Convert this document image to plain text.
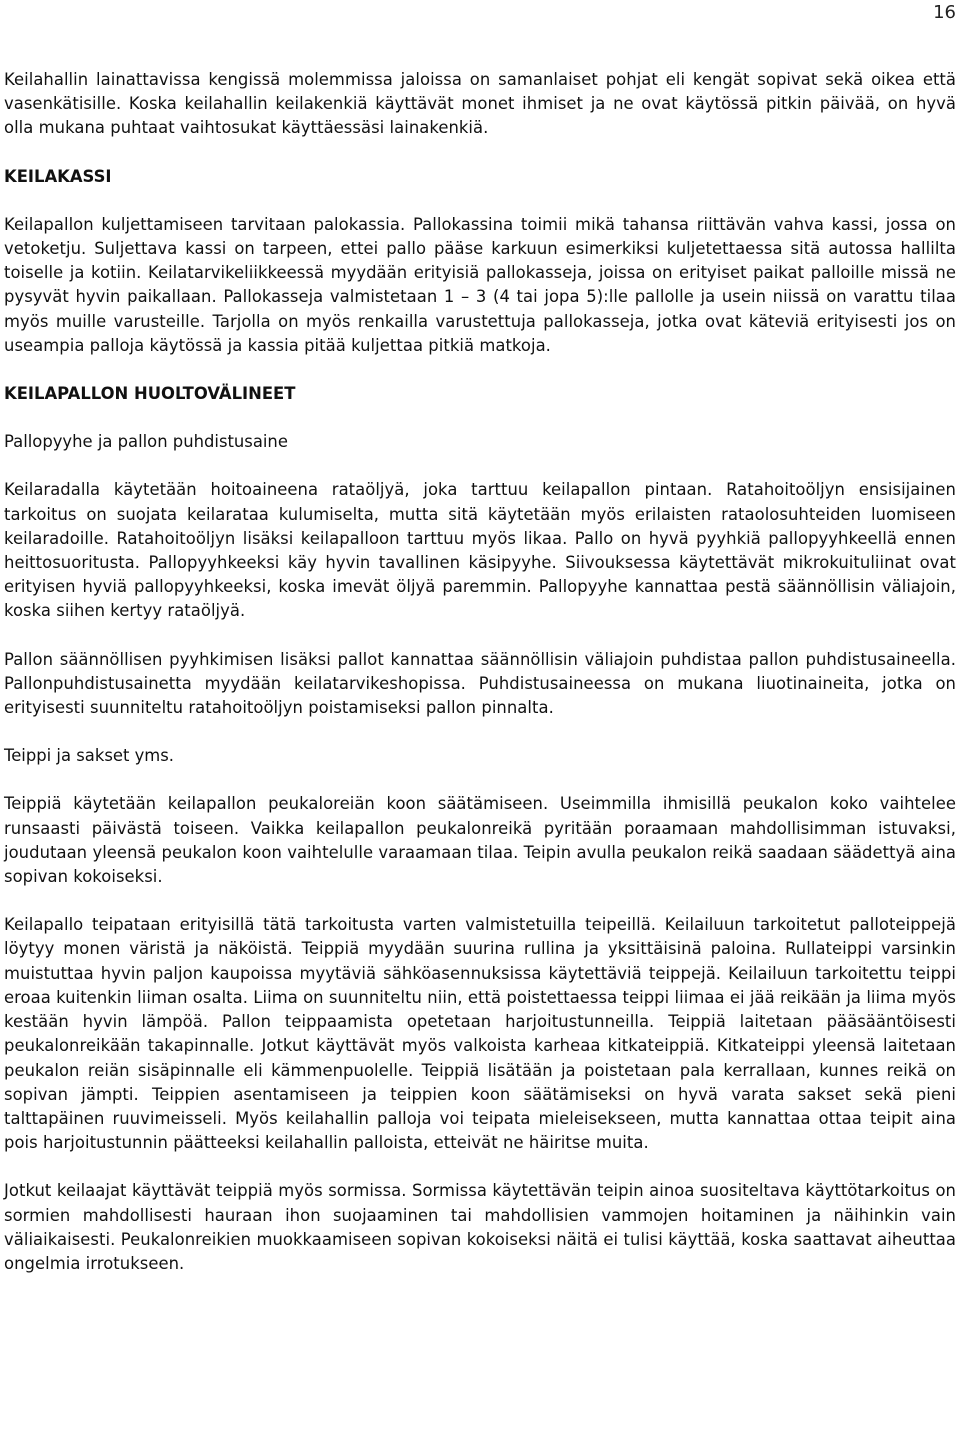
16

Keilahallin lainattavissa kengissä molemmissa jaloissa on samanlaiset pohjat eli kengät sopivat sekä oikea että vasenkätisille. Koska keilahallin keilakenkiä käyttävät monet ihmiset ja ne ovat käytössä pitkin päivää, on hyvä olla mukana puhtaat vaihtosukat käyttäessäsi lainakenkiä.

KEILAKASSI

Keilapallon kuljettamiseen tarvitaan palokassia. Pallokassina toimii mikä tahansa riittävän vahva kassi, jossa on vetoketju. Suljettava kassi on tarpeen, ettei pallo pääse karkuun esimerkiksi kuljetettaessa sitä autossa hallilta toiselle ja kotiin. Keilatarvikeliikkeessä myydään erityisiä pallokasseja, joissa on erityiset paikat palloille missä ne pysyvät hyvin paikallaan. Pallokasseja valmistetaan 1 – 3 (4 tai jopa 5):lle pallolle ja usein niissä on varattu tilaa myös muille varusteille. Tarjolla on myös renkailla varustettuja pallokasseja, jotka ovat käteviä erityisesti jos on useampia palloja käytössä ja kassia pitää kuljettaa pitkiä matkoja.

KEILAPALLON HUOLTOVÄLINEET
Pallopyyhe ja pallon puhdistusaine

Keilaradalla käytetään hoitoaineena rataöljyä, joka tarttuu keilapallon pintaan. Ratahoitoöljyn ensisijainen tarkoitus on suojata keilarataa kulumiselta, mutta sitä käytetään myös erilaisten rataolosuhteiden luomiseen keilaradoille. Ratahoitoöljyn lisäksi keilapalloon tarttuu myös likaa. Pallo on hyvä pyyhkiä pallopyyhkeellä ennen heittosuoritusta. Pallopyyhkeeksi käy hyvin tavallinen käsipyyhe. Siivouksessa käytettävät mikrokuituliinat ovat erityisen hyviä pallopyyhkeeksi, koska imevät öljyä paremmin. Pallopyyhe kannattaa pestä säännöllisin väliajoin, koska siihen kertyy rataöljyä.

Pallon säännöllisen pyyhkimisen lisäksi pallot kannattaa säännöllisin väliajoin puhdistaa pallon puhdistusaineella. Pallonpuhdistusainetta myydään keilatarvikeshopissa. Puhdistusaineessa on mukana liuotinaineita, jotka on erityisesti suunniteltu ratahoitoöljyn poistamiseksi pallon pinnalta.

Teippi ja sakset yms.

Teippiä käytetään keilapallon peukaloreiän koon säätämiseen. Useimmilla ihmisillä peukalon koko vaihtelee runsaasti päivästä toiseen. Vaikka keilapallon peukalonreikä pyritään poraamaan mahdollisimman istuvaksi, joudutaan yleensä peukalon koon vaihtelulle varaamaan tilaa. Teipin avulla peukalon reikä saadaan säädettyä aina sopivan kokoiseksi.

Keilapallo teipataan erityisillä tätä tarkoitusta varten valmistetuilla teipeillä. Keilailuun tarkoitetut palloteippejä löytyy monen väristä ja näköistä. Teippiä myydään suurina rullina ja yksittäisinä paloina. Rullateippi varsinkin muistuttaa hyvin paljon kaupoissa myytäviä sähköasennuksissa käytettäviä teippejä. Keilailuun tarkoitettu teippi eroaa kuitenkin liiman osalta. Liima on suunniteltu niin, että poistettaessa teippi liimaa ei jää reikään ja liima myös kestään hyvin lämpöä. Pallon teippaamista opetetaan harjoitustunneilla. Teippiä laitetaan pääsääntöisesti peukalonreikään takapinnalle. Jotkut käyttävät myös valkoista karheaa kitkateippiä. Kitkateippi yleensä laitetaan peukalon reiän sisäpinnalle eli kämmenpuolelle. Teippiä lisätään ja poistetaan pala kerrallaan, kunnes reikä on sopivan jämpti. Teippien asentamiseen ja teippien koon säätämiseksi on hyvä varata sakset sekä pieni talttapäinen ruuvimeisseli. Myös keilahallin palloja voi teipata mieleisekseen, mutta kannattaa ottaa teipit aina pois harjoitustunnin päätteeksi keilahallin palloista, etteivät ne häiritse muita.

Jotkut keilaajat käyttävät teippiä myös sormissa. Sormissa käytettävän teipin ainoa suositeltava käyttötarkoitus on sormien mahdollisesti hauraan ihon suojaaminen tai mahdollisien vammojen hoitaminen ja näihinkin vain väliaikaisesti. Peukalonreikien muokkaamiseen sopivan kokoiseksi näitä ei tulisi käyttää, koska saattavat aiheuttaa ongelmia irrotukseen.
